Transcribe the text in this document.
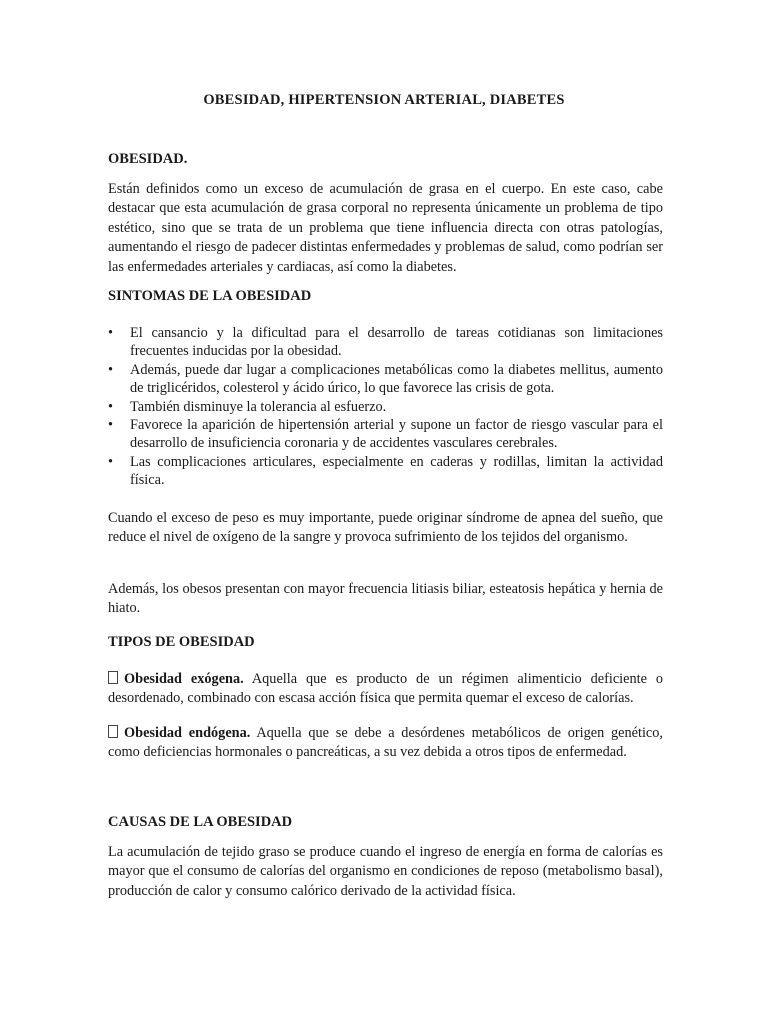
OBESIDAD, HIPERTENSION ARTERIAL, DIABETES
OBESIDAD.

Están definidos como un exceso de acumulación de grasa en el cuerpo. En este caso, cabe destacar que esta acumulación de grasa corporal no representa únicamente un problema de tipo estético, sino que se trata de un problema que tiene influencia directa con otras patologías, aumentando el riesgo de padecer distintas enfermedades y problemas de salud, como podrían ser las enfermedades arteriales y cardiacas, así como la diabetes.

SINTOMAS DE LA OBESIDAD
•	El cansancio y la dificultad para el desarrollo de tareas cotidianas son limitaciones frecuentes inducidas por la obesidad.
•	Además, puede dar lugar a complicaciones metabólicas como la diabetes mellitus, aumento de triglicéridos, colesterol y ácido úrico, lo que favorece las crisis de gota.
•	También disminuye la tolerancia al esfuerzo.
•	Favorece la aparición de hipertensión arterial y supone un factor de riesgo vascular para el desarrollo de insuficiencia coronaria y de accidentes vasculares cerebrales.
•	Las complicaciones articulares, especialmente en caderas y rodillas, limitan la actividad física.

Cuando el exceso de peso es muy importante, puede originar síndrome de apnea del sueño, que reduce el nivel de oxígeno de la sangre y provoca sufrimiento de los tejidos del organismo.

Además, los obesos presentan con mayor frecuencia litiasis biliar, esteatosis hepática y hernia de hiato.

TIPOS DE OBESIDAD

Obesidad exógena. Aquella que es producto de un régimen alimenticio deficiente o desordenado, combinado con escasa acción física que permita quemar el exceso de calorías.

Obesidad endógena. Aquella que se debe a desórdenes metabólicos de origen genético, como deficiencias hormonales o pancreáticas, a su vez debida a otros tipos de enfermedad.

CAUSAS DE LA OBESIDAD

La acumulación de tejido graso se produce cuando el ingreso de energía en forma de calorías es mayor que el consumo de calorías del organismo en condiciones de reposo (metabolismo basal), producción de calor y consumo calórico derivado de la actividad física.
